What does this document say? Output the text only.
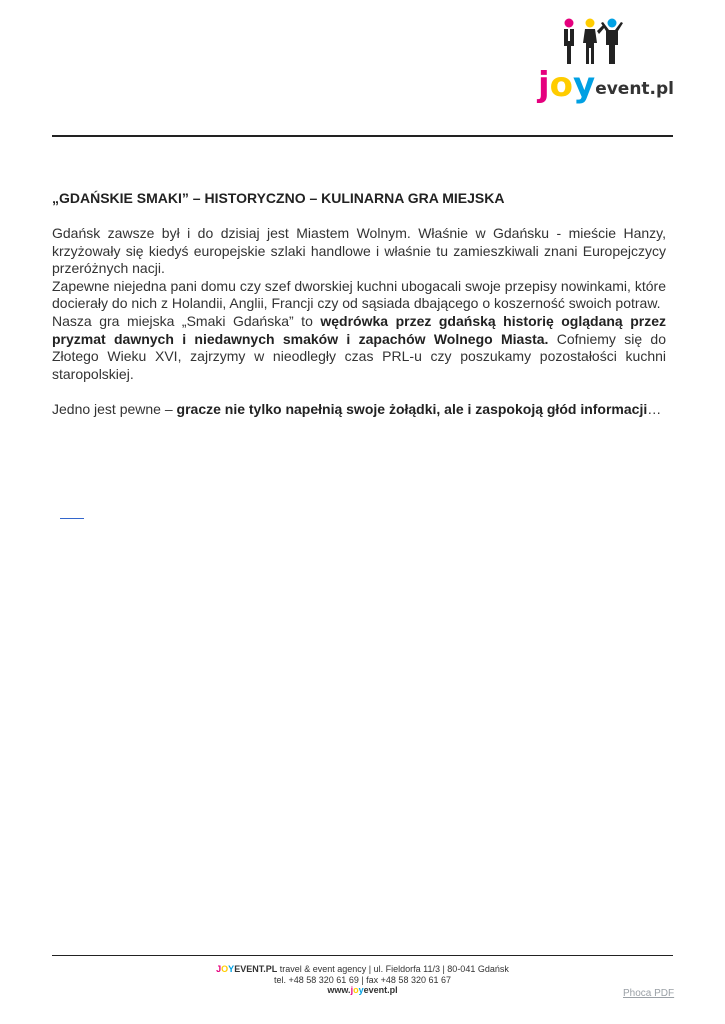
joyevent.pl
„GDAŃSKIE SMAKI” – HISTORYCZNO – KULINARNA GRA MIEJSKA

Gdańsk zawsze był i do dzisiaj jest Miastem Wolnym. Właśnie w Gdańsku - mieście Hanzy, krzyżowały się kiedyś europejskie szlaki handlowe i właśnie tu zamieszkiwali znani Europejczycy przeróżnych nacji.

Zapewne niejedna pani domu czy szef dworskiej kuchni ubogacali swoje przepisy nowinkami, które docierały do nich z Holandii, Anglii, Francji czy od sąsiada dbającego o koszerność swoich potraw.

Nasza gra miejska „Smaki Gdańska” to wędrówka przez gdańską historię oglądaną przez pryzmat dawnych i niedawnych smaków i zapachów Wolnego Miasta. Cofniemy się do Złotego Wieku XVI, zajrzymy w nieodległy czas PRL-u czy poszukamy pozostałości kuchni staropolskiej.

Jedno jest pewne – gracze nie tylko napełnią swoje żołądki, ale i zaspokoją głód informacji…

JOYEVENT.PL travel & event agency | ul. Fieldorfa 11/3 | 80-041 Gdańsk
tel. +48 58 320 61 69 | fax +48 58 320 61 67
www.joyevent.pl	Phoca PDF
